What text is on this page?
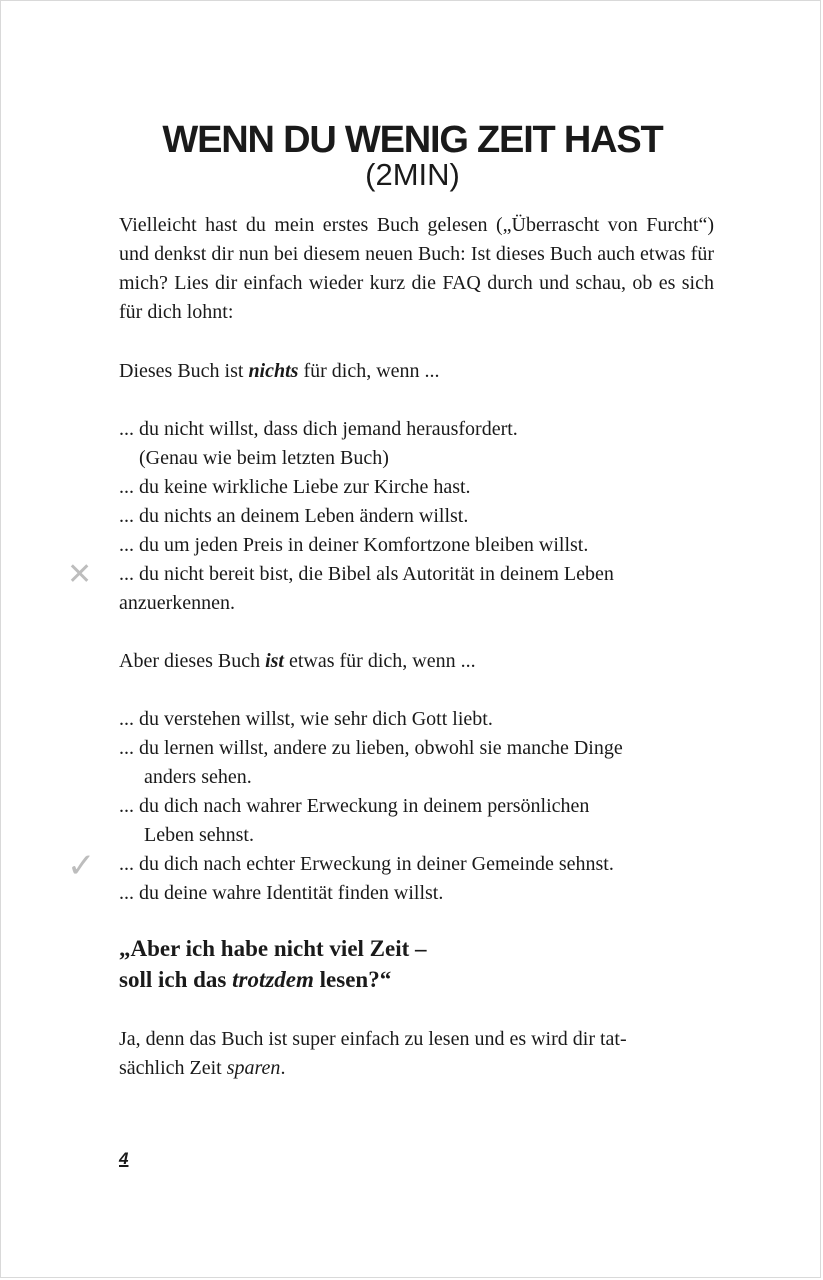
WENN DU WENIG ZEIT HAST
(2MIN)

Vielleicht hast du mein erstes Buch gelesen („Überrascht von Furcht“) und denkst dir nun bei diesem neuen Buch: Ist dieses Buch auch etwas für mich? Lies dir einfach wieder kurz die FAQ durch und schau, ob es sich für dich lohnt:

Dieses Buch ist nichts für dich, wenn ...
... du nicht willst, dass dich jemand herausfordert.
(Genau wie beim letzten Buch)
... du keine wirkliche Liebe zur Kirche hast.
... du nichts an deinem Leben ändern willst.
... du um jeden Preis in deiner Komfortzone bleiben willst.
... du nicht bereit bist, die Bibel als Autorität in deinem Leben
anzuerkennen.
Aber dieses Buch ist etwas für dich, wenn ...
... du verstehen willst, wie sehr dich Gott liebt.
... du lernen willst, andere zu lieben, obwohl sie manche Dinge
anders sehen.
... du dich nach wahrer Erweckung in deinem persönlichen
Leben sehnst.
... du dich nach echter Erweckung in deiner Gemeinde sehnst.
... du deine wahre Identität finden willst.
„Aber ich habe nicht viel Zeit –
soll ich das trotzdem lesen?“
Ja, denn das Buch ist super einfach zu lesen und es wird dir tat-
sächlich Zeit sparen.
✕
✓
4
